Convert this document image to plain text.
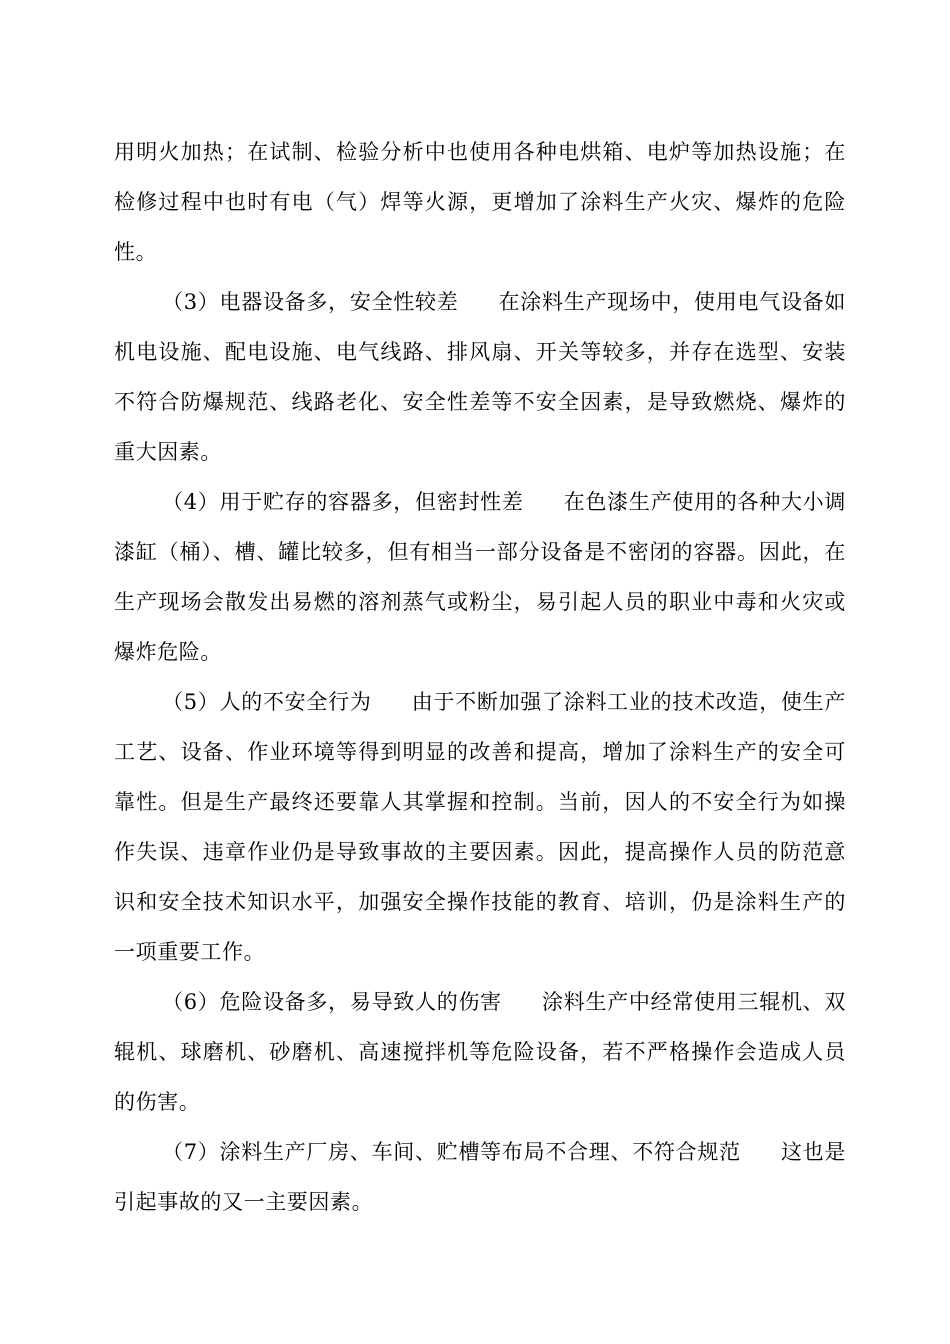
用明火加热；在试制、检验分析中也使用各种电烘箱、电炉等加热设施；在检修过程中也时有电（气）焊等火源，更增加了涂料生产火灾、爆炸的危险性。

（3）电器设备多，安全性较差 在涂料生产现场中，使用电气设备如机电设施、配电设施、电气线路、排风扇、开关等较多，并存在选型、安装不符合防爆规范、线路老化、安全性差等不安全因素，是导致燃烧、爆炸的重大因素。

（4）用于贮存的容器多，但密封性差 在色漆生产使用的各种大小调漆缸（桶）、槽、罐比较多，但有相当一部分设备是不密闭的容器。因此，在生产现场会散发出易燃的溶剂蒸气或粉尘，易引起人员的职业中毒和火灾或爆炸危险。

（5）人的不安全行为 由于不断加强了涂料工业的技术改造，使生产工艺、设备、作业环境等得到明显的改善和提高，增加了涂料生产的安全可靠性。但是生产最终还要靠人其掌握和控制。当前，因人的不安全行为如操作失误、违章作业仍是导致事故的主要因素。因此，提高操作人员的防范意识和安全技术知识水平，加强安全操作技能的教育、培训，仍是涂料生产的一项重要工作。

（6）危险设备多，易导致人的伤害 涂料生产中经常使用三辊机、双辊机、球磨机、砂磨机、高速搅拌机等危险设备，若不严格操作会造成人员的伤害。

（7）涂料生产厂房、车间、贮槽等布局不合理、不符合规范 这也是引起事故的又一主要因素。
